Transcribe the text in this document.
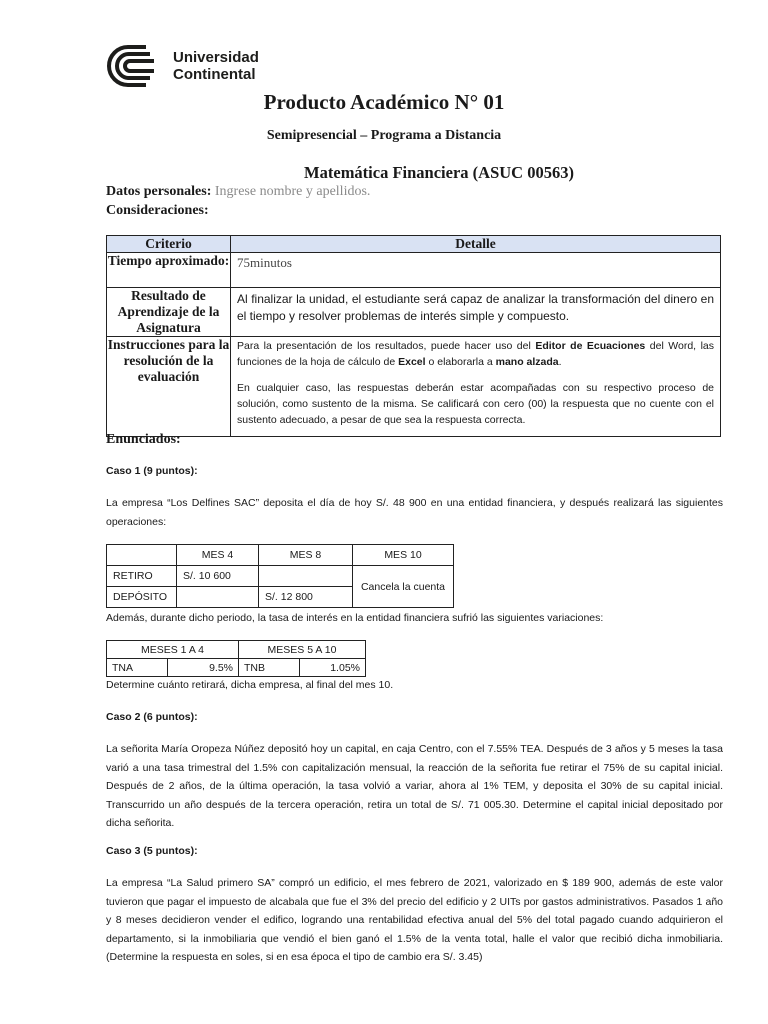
Universidad
Continental
Producto Académico N° 01
Semipresencial – Programa a Distancia
Matemática Financiera (ASUC 00563)
Datos personales: Ingrese nombre y apellidos.
Consideraciones:
Criterio	Detalle
Tiempo aproximado:	75minutos
Resultado de Aprendizaje de la Asignatura	Al finalizar la unidad, el estudiante será capaz de analizar la transformación del dinero en el tiempo y resolver problemas de interés simple y compuesto.
Instrucciones para la resolución de la evaluación	Para la presentación de los resultados, puede hacer uso del Editor de Ecuaciones del Word, las funciones de la hoja de cálculo de Excel o elaborarla a mano alzada.

En cualquier caso, las respuestas deberán estar acompañadas con su respectivo proceso de solución, como sustento de la misma. Se calificará con cero (00) la respuesta que no cuente con el sustento adecuado, a pesar de que sea la respuesta correcta.

Enunciados:
Caso 1 (9 puntos):
La empresa “Los Delfines SAC” deposita el día de hoy S/. 48 900 en una entidad financiera, y después realizará las siguientes operaciones:
	MES 4	MES 8	MES 10
RETIRO	S/. 10 600		Cancela la cuenta
DEPÓSITO		S/. 12 800	
Además, durante dicho periodo, la tasa de interés en la entidad financiera sufrió las siguientes variaciones:
MESES 1 A 4		MESES 5 A 10	
TNA	9.5%	TNB	1.05%
Determine cuánto retirará, dicha empresa, al final del mes 10.
Caso 2 (6 puntos):
La señorita María Oropeza Núñez depositó hoy un capital, en caja Centro, con el 7.55% TEA. Después de 3 años y 5 meses la tasa varió a una tasa trimestral del 1.5% con capitalización mensual, la reacción de la señorita fue retirar el 75% de su capital inicial. Después de 2 años, de la última operación, la tasa volvió a variar, ahora al 1% TEM, y deposita el 30% de su capital inicial. Transcurrido un año después de la tercera operación, retira un total de S/. 71 005.30. Determine el capital inicial depositado por dicha señorita.
Caso 3 (5 puntos):
La empresa “La Salud primero SA” compró un edificio, el mes febrero de 2021, valorizado en $ 189 900, además de este valor tuvieron que pagar el impuesto de alcabala que fue el 3% del precio del edificio y 2 UITs por gastos administrativos. Pasados 1 año y 8 meses decidieron vender el edifico, logrando una rentabilidad efectiva anual del 5% del total pagado cuando adquirieron el departamento, si la inmobiliaria que vendió el bien ganó el 1.5% de la venta total, halle el valor que recibió dicha inmobiliaria. (Determine la respuesta en soles, si en esa época el tipo de cambio era S/. 3.45)
